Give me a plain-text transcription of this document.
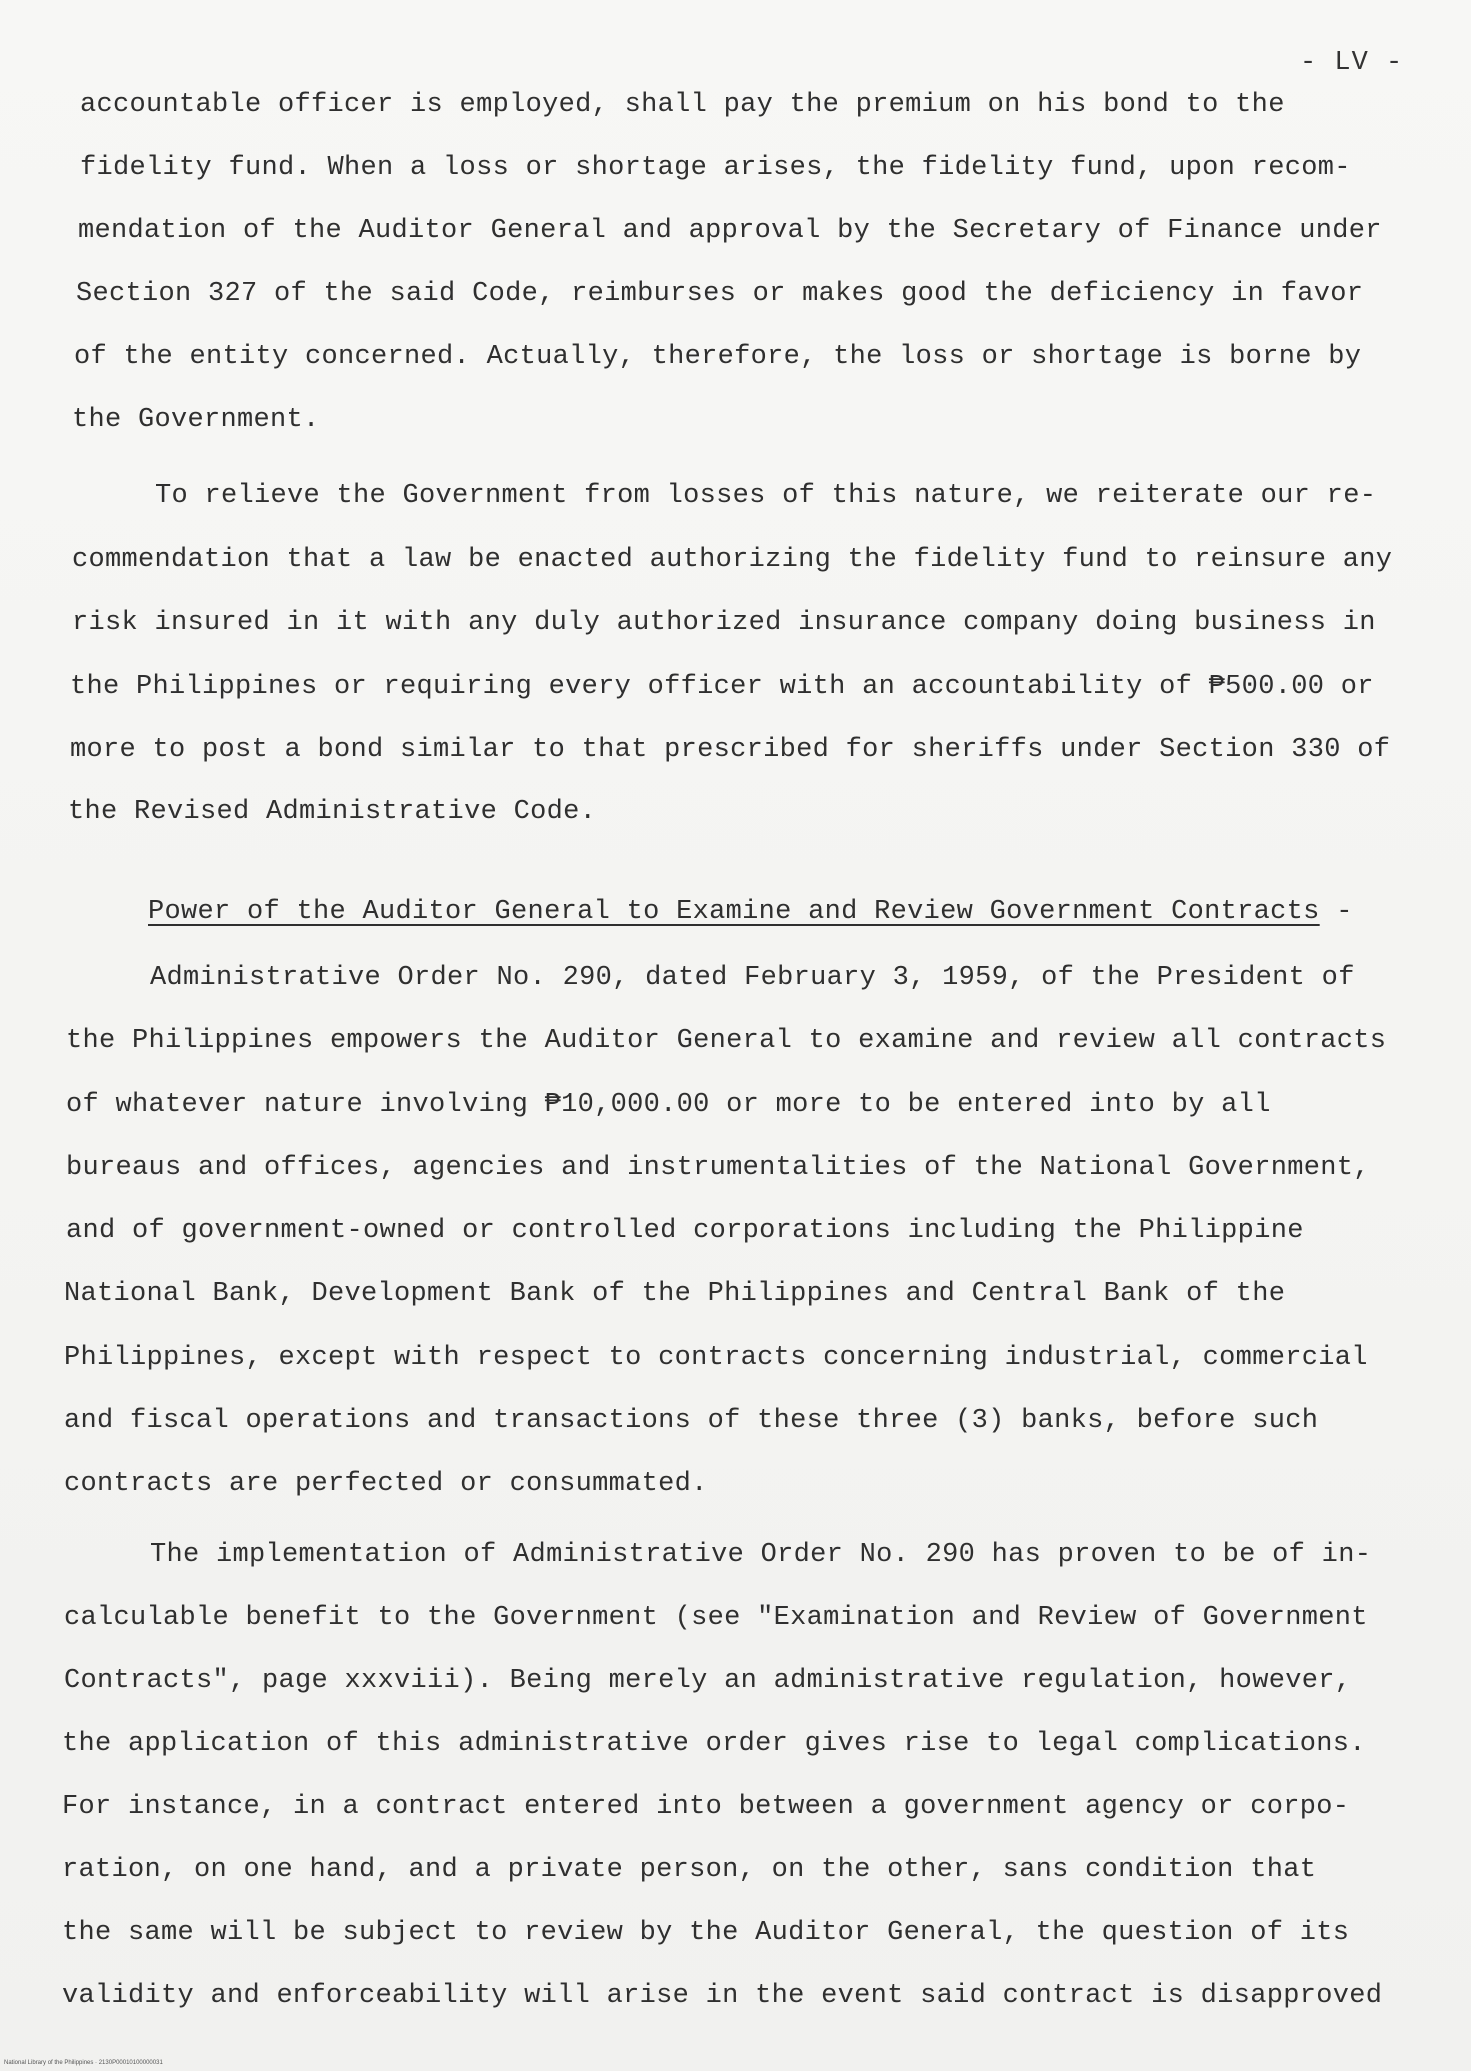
- LV -
accountable officer is employed, shall pay the premium on his bond to the
fidelity fund. When a loss or shortage arises, the fidelity fund, upon recom-
mendation of the Auditor General and approval by the Secretary of Finance under
Section 327 of the said Code, reimburses or makes good the deficiency in favor
of the entity concerned. Actually, therefore, the loss or shortage is borne by
the Government.
To relieve the Government from losses of this nature, we reiterate our re-
commendation that a law be enacted authorizing the fidelity fund to reinsure any
risk insured in it with any duly authorized insurance company doing business in
the Philippines or requiring every officer with an accountability of ₱500.00 or
more to post a bond similar to that prescribed for sheriffs under Section 330 of
the Revised Administrative Code.
Power of the Auditor General to Examine and Review Government Contracts -
Administrative Order No. 290, dated February 3, 1959, of the President of
the Philippines empowers the Auditor General to examine and review all contracts
of whatever nature involving ₱10,000.00 or more to be entered into by all
bureaus and offices, agencies and instrumentalities of the National Government,
and of government-owned or controlled corporations including the Philippine
National Bank, Development Bank of the Philippines and Central Bank of the
Philippines, except with respect to contracts concerning industrial, commercial
and fiscal operations and transactions of these three (3) banks, before such
contracts are perfected or consummated.
The implementation of Administrative Order No. 290 has proven to be of in-
calculable benefit to the Government (see "Examination and Review of Government
Contracts", page xxxviii). Being merely an administrative regulation, however,
the application of this administrative order gives rise to legal complications.
For instance, in a contract entered into between a government agency or corpo-
ration, on one hand, and a private person, on the other, sans condition that
the same will be subject to review by the Auditor General, the question of its
validity and enforceability will arise in the event said contract is disapproved
National Library of the Philippines · 2130P00010100000031
